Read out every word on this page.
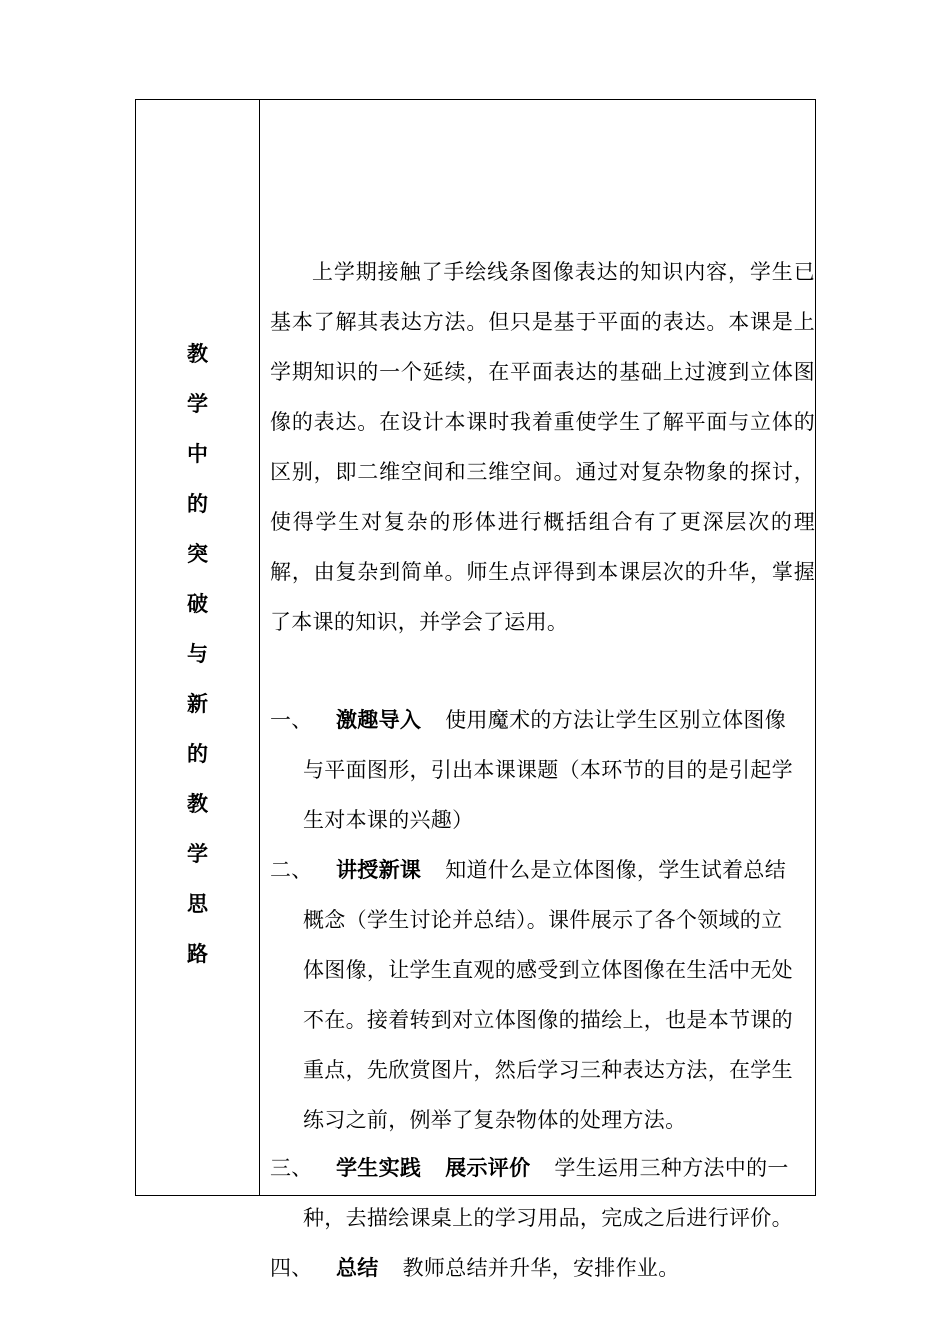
教
学
中
的
突
破
与
新
的
教
学
思
路
上学期接触了手绘线条图像表达的知识内容，学生已基本了解其表达方法。但只是基于平面的表达。本课是上学期知识的一个延续，在平面表达的基础上过渡到立体图像的表达。在设计本课时我着重使学生了解平面与立体的区别，即二维空间和三维空间。通过对复杂物象的探讨，使得学生对复杂的形体进行概括组合有了更深层次的理解，由复杂到简单。师生点评得到本课层次的升华，掌握了本课的知识，并学会了运用。
一、 激趣导入 使用魔术的方法让学生区别立体图像
与平面图形，引出本课课题（本环节的目的是引起学
生对本课的兴趣）
二、 讲授新课 知道什么是立体图像，学生试着总结
概念（学生讨论并总结）。课件展示了各个领域的立
体图像，让学生直观的感受到立体图像在生活中无处
不在。接着转到对立体图像的描绘上，也是本节课的
重点，先欣赏图片，然后学习三种表达方法，在学生
练习之前，例举了复杂物体的处理方法。
三、 学生实践 展示评价 学生运用三种方法中的一
种，去描绘课桌上的学习用品，完成之后进行评价。
四、 总结 教师总结并升华，安排作业。
